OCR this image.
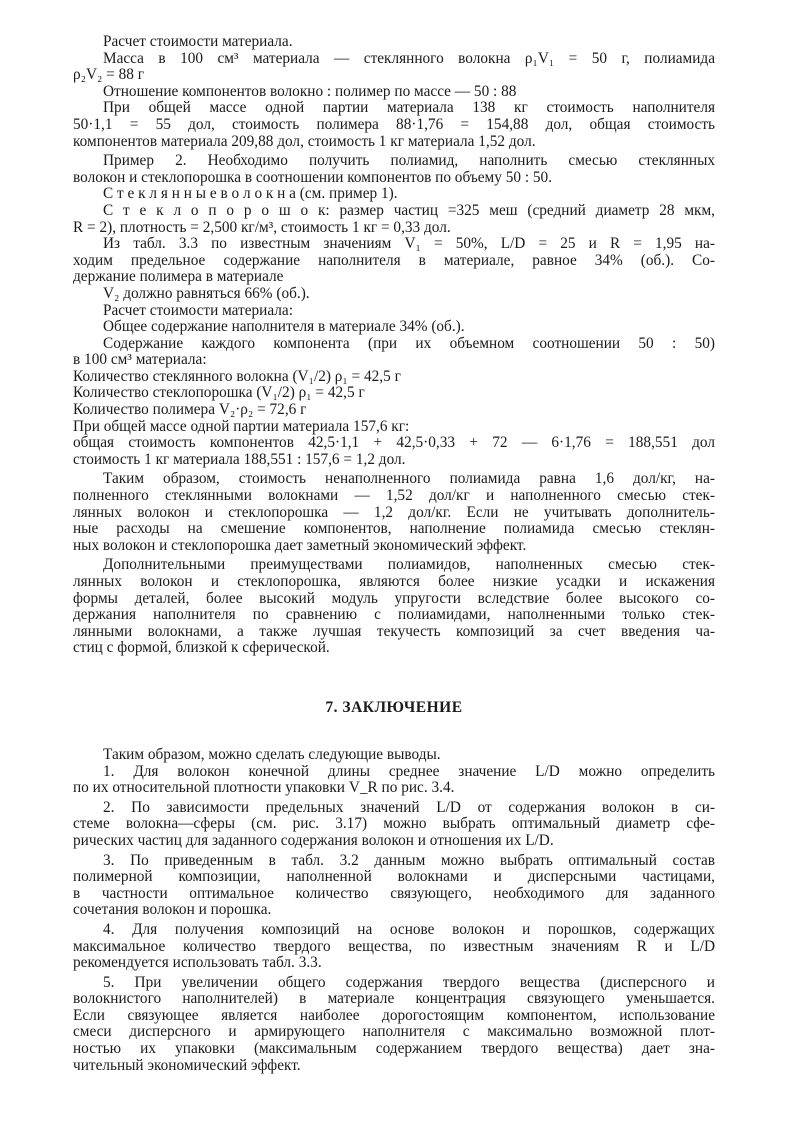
Расчет стоимости материала.
Масса в 100 см³ материала — стеклянного волокна ρ₁V₁ = 50 г, полиамида
ρ₂V₂ = 88 г
Отношение компонентов волокно : полимер по массе — 50 : 88
При общей массе одной партии материала 138 кг стоимость наполнителя
50·1,1 = 55 дол, стоимость полимера 88·1,76 = 154,88 дол, общая стоимость
компонентов материала 209,88 дол, стоимость 1 кг материала 1,52 дол.
Пример 2. Необходимо получить полиамид, наполнить смесью стеклянных
волокон и стеклопорошка в соотношении компонентов по объему 50 : 50.
С т е к л я н н ы е в о л о к н а (см. пример 1).
С т е к л о п о р о ш о к: размер частиц =325 меш (средний диаметр 28 мкм,
R = 2), плотность = 2,500 кг/м³, стоимость 1 кг = 0,33 дол.
Из табл. 3.3 по известным значениям V₁ = 50%, L/D = 25 и R = 1,95 на-
ходим предельное содержание наполнителя в материале, равное 34% (об.). Со-
держание полимера в материале
V₂ должно равняться 66% (об.).
Расчет стоимости материала:
Общее содержание наполнителя в материале 34% (об.).
Содержание каждого компонента (при их объемном соотношении 50 : 50)
в 100 см³ материала:
Количество стеклянного волокна (V₁/2) ρ₁ = 42,5 г
Количество стеклопорошка (V₁/2) ρ₁ = 42,5 г
Количество полимера V₂·ρ₂ = 72,6 г
При общей массе одной партии материала 157,6 кг:
общая стоимость компонентов 42,5·1,1 + 42,5·0,33 + 72 — 6·1,76 = 188,551 дол
стоимость 1 кг материала 188,551 : 157,6 = 1,2 дол.
Таким образом, стоимость ненаполненного полиамида равна 1,6 дол/кг, на-
полненного стеклянными волокнами — 1,52 дол/кг и наполненного смесью стек-
лянных волокон и стеклопорошка — 1,2 дол/кг. Если не учитывать дополнитель-
ные расходы на смешение компонентов, наполнение полиамида смесью стеклян-
ных волокон и стеклопорошка дает заметный экономический эффект.
Дополнительными преимуществами полиамидов, наполненных смесью стек-
лянных волокон и стеклопорошка, являются более низкие усадки и искажения
формы деталей, более высокий модуль упругости вследствие более высокого со-
держания наполнителя по сравнению с полиамидами, наполненными только стек-
лянными волокнами, а также лучшая текучесть композиций за счет введения ча-
стиц с формой, близкой к сферической.
7. ЗАКЛЮЧЕНИЕ
Таким образом, можно сделать следующие выводы.
1. Для волокон конечной длины среднее значение L/D можно определить
по их относительной плотности упаковки V_R по рис. 3.4.
2. По зависимости предельных значений L/D от содержания волокон в си-
стеме волокна—сферы (см. рис. 3.17) можно выбрать оптимальный диаметр сфе-
рических частиц для заданного содержания волокон и отношения их L/D.
3. По приведенным в табл. 3.2 данным можно выбрать оптимальный состав
полимерной композиции, наполненной волокнами и дисперсными частицами,
в частности оптимальное количество связующего, необходимого для заданного
сочетания волокон и порошка.
4. Для получения композиций на основе волокон и порошков, содержащих
максимальное количество твердого вещества, по известным значениям R и L/D
рекомендуется использовать табл. 3.3.
5. При увеличении общего содержания твердого вещества (дисперсного и
волокнистого наполнителей) в материале концентрация связующего уменьшается.
Если связующее является наиболее дорогостоящим компонентом, использование
смеси дисперсного и армирующего наполнителя с максимально возможной плот-
ностью их упаковки (максимальным содержанием твердого вещества) дает зна-
чительный экономический эффект.
